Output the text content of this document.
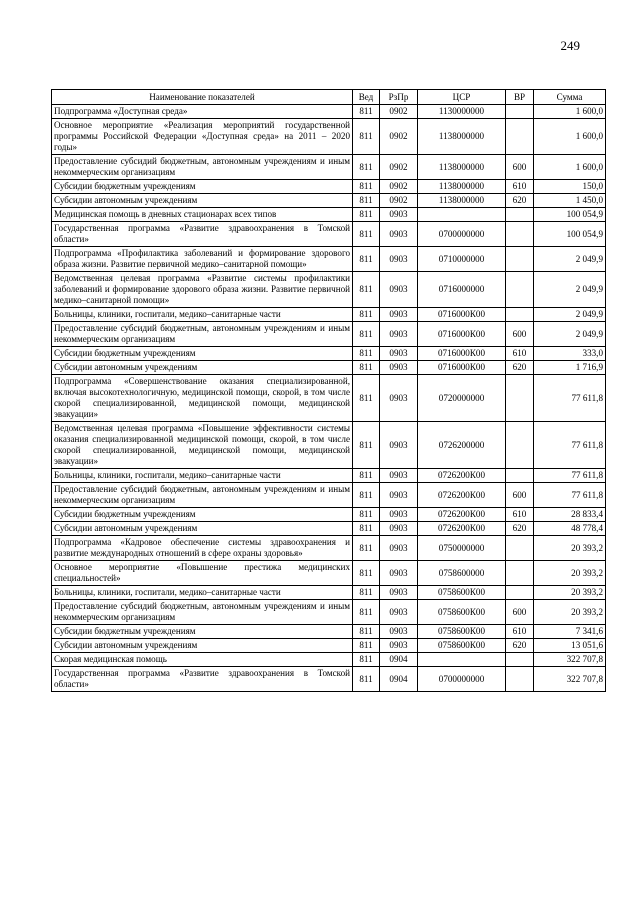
249
Наименование показателей	Вед	РзПр	ЦСР	ВР	Сумма
Подпрограмма «Доступная среда»	811	0902	1130000000		1 600,0
Основное мероприятие «Реализация мероприятий государственной программы Российской Федерации «Доступная среда» на 2011 – 2020 годы»	811	0902	1138000000		1 600,0
Предоставление субсидий бюджетным, автономным учреждениям и иным некоммерческим организациям	811	0902	1138000000	600	1 600,0
Субсидии бюджетным учреждениям	811	0902	1138000000	610	150,0
Субсидии автономным учреждениям	811	0902	1138000000	620	1 450,0
Медицинская помощь в дневных стационарах всех типов	811	0903			100 054,9
Государственная программа «Развитие здравоохранения в Томской области»	811	0903	0700000000		100 054,9
Подпрограмма «Профилактика заболеваний и формирование здорового образа жизни. Развитие первичной медико–санитарной помощи»	811	0903	0710000000		2 049,9
Ведомственная целевая программа «Развитие системы профилактики заболеваний и формирование здорового образа жизни. Развитие первичной медико–санитарной помощи»	811	0903	0716000000		2 049,9
Больницы, клиники, госпитали, медико–санитарные части	811	0903	0716000К00		2 049,9
Предоставление субсидий бюджетным, автономным учреждениям и иным некоммерческим организациям	811	0903	0716000К00	600	2 049,9
Субсидии бюджетным учреждениям	811	0903	0716000К00	610	333,0
Субсидии автономным учреждениям	811	0903	0716000К00	620	1 716,9
Подпрограмма «Совершенствование оказания специализированной, включая высокотехнологичную, медицинской помощи, скорой, в том числе скорой специализированной, медицинской помощи, медицинской эвакуации»	811	0903	0720000000		77 611,8
Ведомственная целевая программа «Повышение эффективности системы оказания специализированной медицинской помощи, скорой, в том числе скорой специализированной, медицинской помощи, медицинской эвакуации»	811	0903	0726200000		77 611,8
Больницы, клиники, госпитали, медико–санитарные части	811	0903	0726200К00		77 611,8
Предоставление субсидий бюджетным, автономным учреждениям и иным некоммерческим организациям	811	0903	0726200К00	600	77 611,8
Субсидии бюджетным учреждениям	811	0903	0726200К00	610	28 833,4
Субсидии автономным учреждениям	811	0903	0726200К00	620	48 778,4
Подпрограмма «Кадровое обеспечение системы здравоохранения и развитие международных отношений в сфере охраны здоровья»	811	0903	0750000000		20 393,2
Основное мероприятие «Повышение престижа медицинских специальностей»	811	0903	0758600000		20 393,2
Больницы, клиники, госпитали, медико–санитарные части	811	0903	0758600К00		20 393,2
Предоставление субсидий бюджетным, автономным учреждениям и иным некоммерческим организациям	811	0903	0758600К00	600	20 393,2
Субсидии бюджетным учреждениям	811	0903	0758600К00	610	7 341,6
Субсидии автономным учреждениям	811	0903	0758600К00	620	13 051,6
Скорая медицинская помощь	811	0904			322 707,8
Государственная программа «Развитие здравоохранения в Томской области»	811	0904	0700000000		322 707,8
